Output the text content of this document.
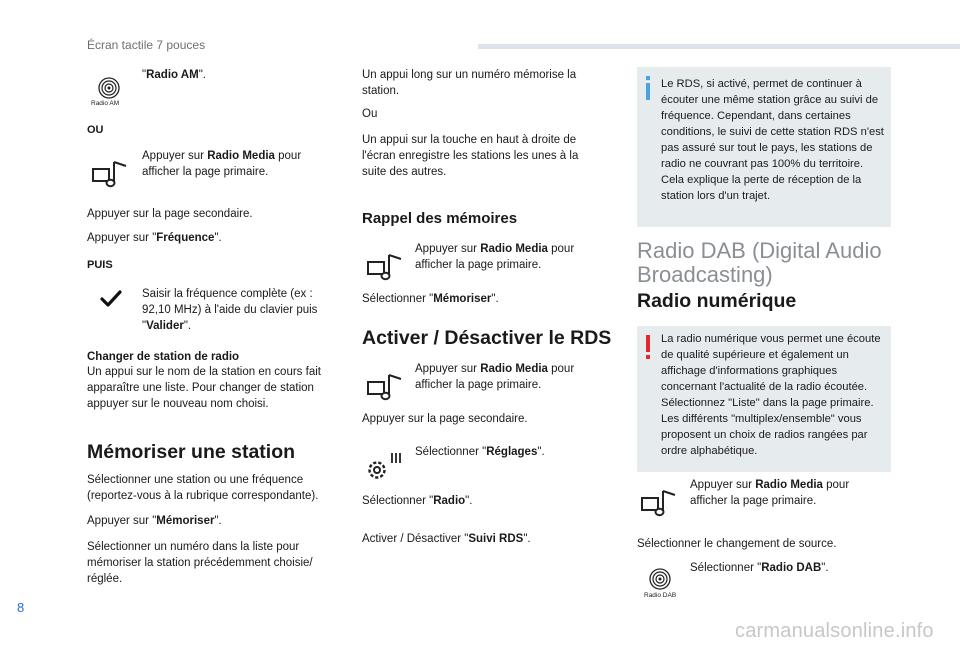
Écran tactile 7 pouces
Radio AM
"Radio AM".
OU
Appuyer sur Radio Media pour afficher la page primaire.
Appuyer sur la page secondaire.
Appuyer sur "Fréquence".
PUIS
Saisir la fréquence complète (ex : 92,10 MHz) à l'aide du clavier puis "Valider".
Changer de station de radio
Un appui sur le nom de la station en cours fait apparaître une liste. Pour changer de station appuyer sur le nouveau nom choisi.
Mémoriser une station
Sélectionner une station ou une fréquence (reportez-vous à la rubrique correspondante).
Appuyer sur "Mémoriser".
Sélectionner un numéro dans la liste pour mémoriser la station précédemment choisie/ réglée.
Un appui long sur un numéro mémorise la station.
Ou
Un appui sur la touche en haut à droite de l'écran enregistre les stations les unes à la suite des autres.
Rappel des mémoires
Appuyer sur Radio Media pour afficher la page primaire.
Sélectionner "Mémoriser".
Activer / Désactiver le RDS
Appuyer sur Radio Media pour afficher la page primaire.
Appuyer sur la page secondaire.
Sélectionner "Réglages".
Sélectionner "Radio".
Activer / Désactiver "Suivi RDS".
Le RDS, si activé, permet de continuer à écouter une même station grâce au suivi de fréquence. Cependant, dans certaines conditions, le suivi de cette station RDS n'est pas assuré sur tout le pays, les stations de radio ne couvrant pas 100% du territoire. Cela explique la perte de réception de la station lors d'un trajet.
Radio DAB (Digital Audio Broadcasting)
Radio numérique
La radio numérique vous permet une écoute de qualité supérieure et également un affichage d'informations graphiques concernant l'actualité de la radio écoutée. Sélectionnez "Liste" dans la page primaire. Les différents "multiplex/ensemble" vous proposent un choix de radios rangées par ordre alphabétique.
Appuyer sur Radio Media pour afficher la page primaire.
Sélectionner le changement de source.
Radio DAB
Sélectionner "Radio DAB".
8
carmanualsonline.info
